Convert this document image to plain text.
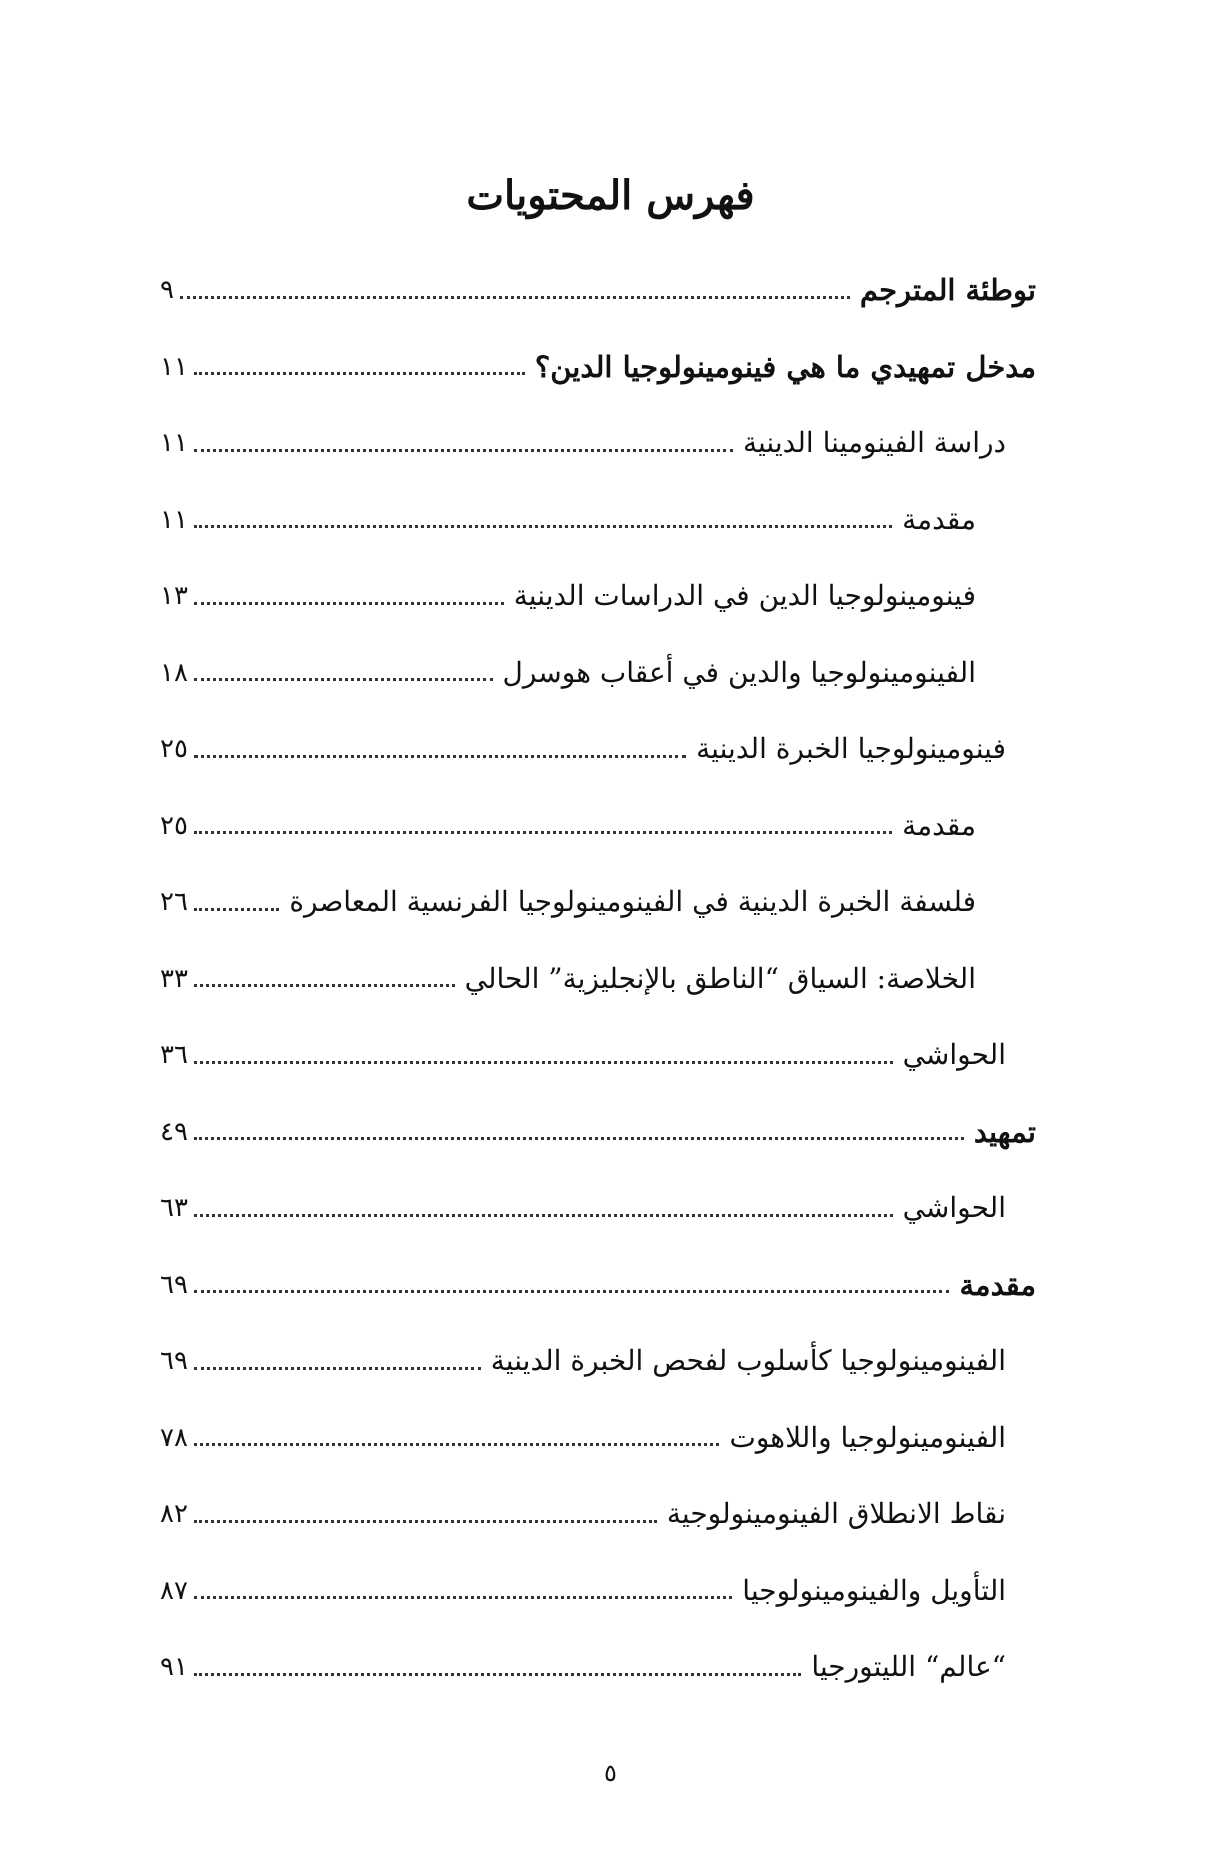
فهرس المحتويات
توطئة المترجم
٩
مدخل تمهيدي ما هي فينومينولوجيا الدين؟
١١
دراسة الفينومينا الدينية
١١
مقدمة
١١
فينومينولوجيا الدين في الدراسات الدينية
١٣
الفينومينولوجيا والدين في أعقاب هوسرل
١٨
فينومينولوجيا الخبرة الدينية
٢٥
مقدمة
٢٥
فلسفة الخبرة الدينية في الفينومينولوجيا الفرنسية المعاصرة
٢٦
الخلاصة: السياق “الناطق بالإنجليزية” الحالي
٣٣
الحواشي
٣٦
تمهيد
٤٩
الحواشي
٦٣
مقدمة
٦٩
الفينومينولوجيا كأسلوب لفحص الخبرة الدينية
٦٩
الفينومينولوجيا واللاهوت
٧٨
نقاط الانطلاق الفينومينولوجية
٨٢
التأويل والفينومينولوجيا
٨٧
“عالم“ الليتورجيا
٩١
٥
